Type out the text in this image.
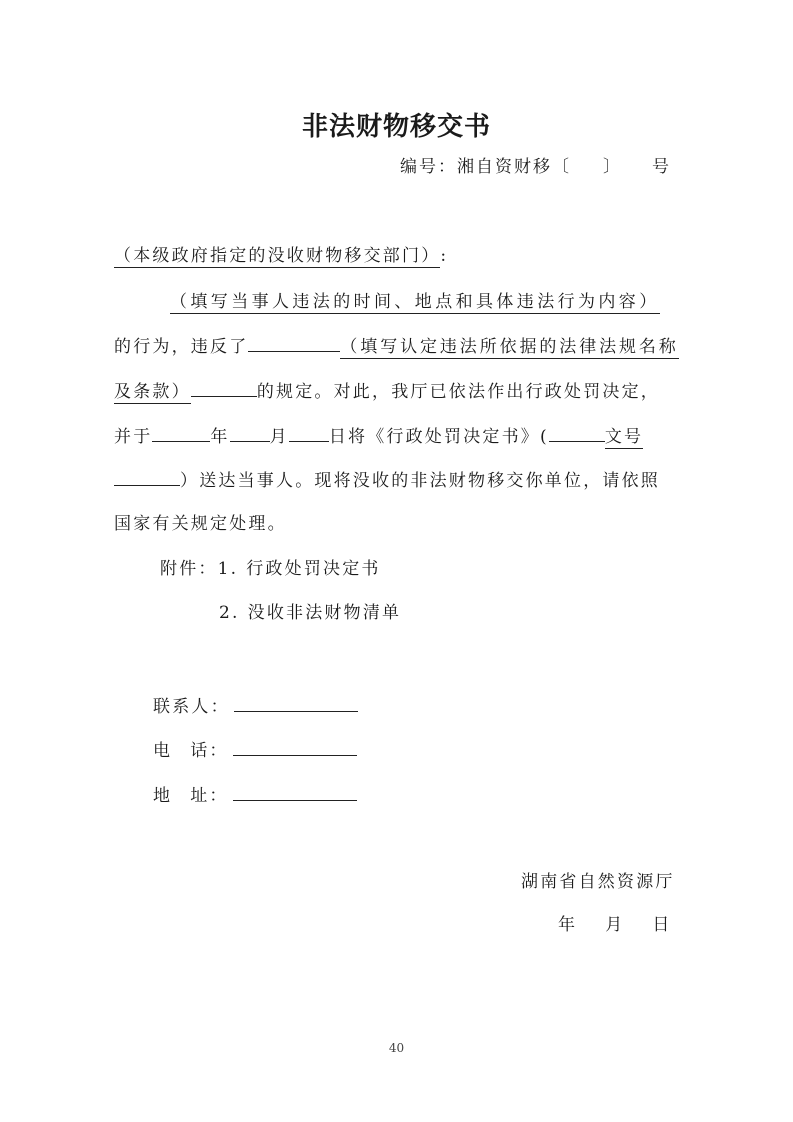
非法财物移交书
编号：湘自资财移〔 〕 号
（本级政府指定的没收财物移交部门）:
（填写当事人违法的时间、地点和具体违法行为内容）
的行为，违反了	（填写认定违法所依据的法律法规名称
及条款）	的规定。对此，我厅已依法作出行政处罚决定，
并于	年 月 日将《行政处罚决定书》(	文号
）送达当事人。现将没收的非法财物移交你单位，请依照
国家有关规定处理。
附件：1. 行政处罚决定书
2. 没收非法财物清单
联系人：
电 话：
地 址：
湖南省自然资源厅
年 月 日
40
